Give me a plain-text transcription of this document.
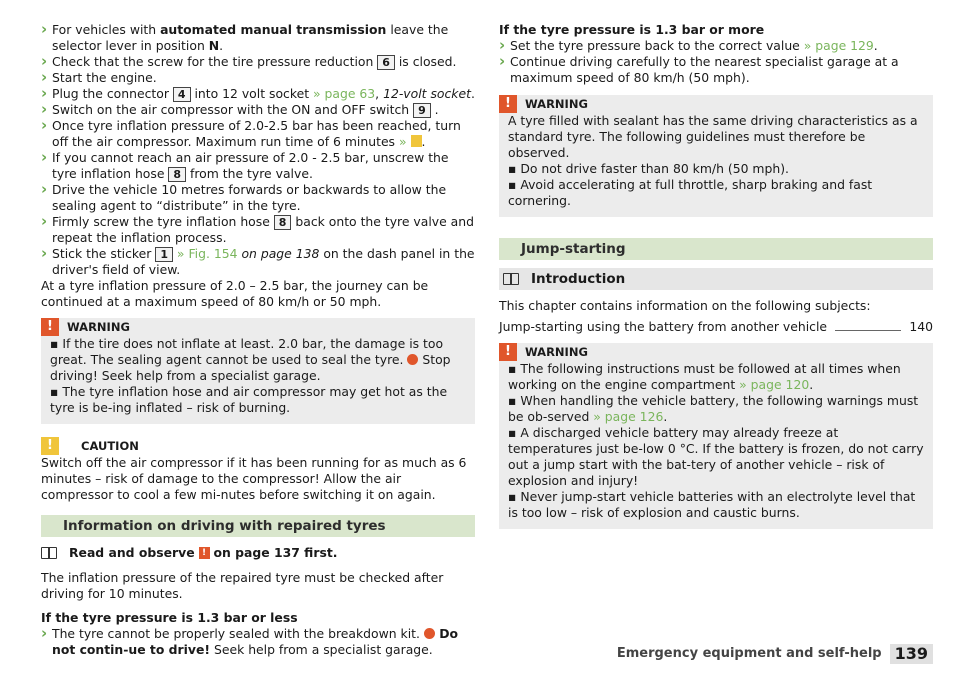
› For vehicles with automated manual transmission leave the selector lever in position N.

› Check that the screw for the tire pressure reduction 6 is closed.

› Start the engine.

› Plug the connector 4 into 12 volt socket » page 63, 12-volt socket.

› Switch on the air compressor with the ON and OFF switch 9 .

› Once tyre inflation pressure of 2.0-2.5 bar has been reached, turn off the air compressor. Maximum run time of 6 minutes » .

› If you cannot reach an air pressure of 2.0 - 2.5 bar, unscrew the tyre inflation hose 8 from the tyre valve.

› Drive the vehicle 10 metres forwards or backwards to allow the sealing agent to “distribute” in the tyre.

› Firmly screw the tyre inflation hose 8 back onto the tyre valve and repeat the inflation process.

› Stick the sticker 1 » Fig. 154 on page 138 on the dash panel in the driver's field of view.

At a tyre inflation pressure of 2.0 – 2.5 bar, the journey can be continued at a maximum speed of 80 km/h or 50 mph.

!	WARNING

▪ If the tire does not inflate at least. 2.0 bar, the damage is too great. The sealing agent cannot be used to seal the tyre.  Stop driving! Seek help from a specialist garage.

▪ The tyre inflation hose and air compressor may get hot as the tyre is be-ing inflated – risk of burning.

!	CAUTION

Switch off the air compressor if it has been running for as much as 6 minutes – risk of damage to the compressor! Allow the air compressor to cool a few mi-nutes before switching it on again.

Information on driving with repaired tyres

Read and observe
!
on page 137 first.

The inflation pressure of the repaired tyre must be checked after driving for 10 minutes.

If the tyre pressure is 1.3 bar or less

› The tyre cannot be properly sealed with the breakdown kit.  Do not contin-ue to drive! Seek help from a specialist garage.

If the tyre pressure is 1.3 bar or more

› Set the tyre pressure back to the correct value » page 129.

› Continue driving carefully to the nearest specialist garage at a maximum speed of 80 km/h (50 mph).

!	WARNING

A tyre filled with sealant has the same driving characteristics as a standard tyre. The following guidelines must therefore be observed.

▪ Do not drive faster than 80 km/h (50 mph).

▪ Avoid accelerating at full throttle, sharp braking and fast cornering.

Jump-starting
Introduction

This chapter contains information on the following subjects:

Jump-starting using the battery from another vehicle	140
!	WARNING

▪ The following instructions must be followed at all times when working on the engine compartment » page 120.

▪ When handling the vehicle battery, the following warnings must be ob-served » page 126.

▪ A discharged vehicle battery may already freeze at temperatures just be-low 0 °C. If the battery is frozen, do not carry out a jump start with the bat-tery of another vehicle – risk of explosion and injury!

▪ Never jump-start vehicle batteries with an electrolyte level that is too low – risk of explosion and caustic burns.

Emergency equipment and self-help 139
